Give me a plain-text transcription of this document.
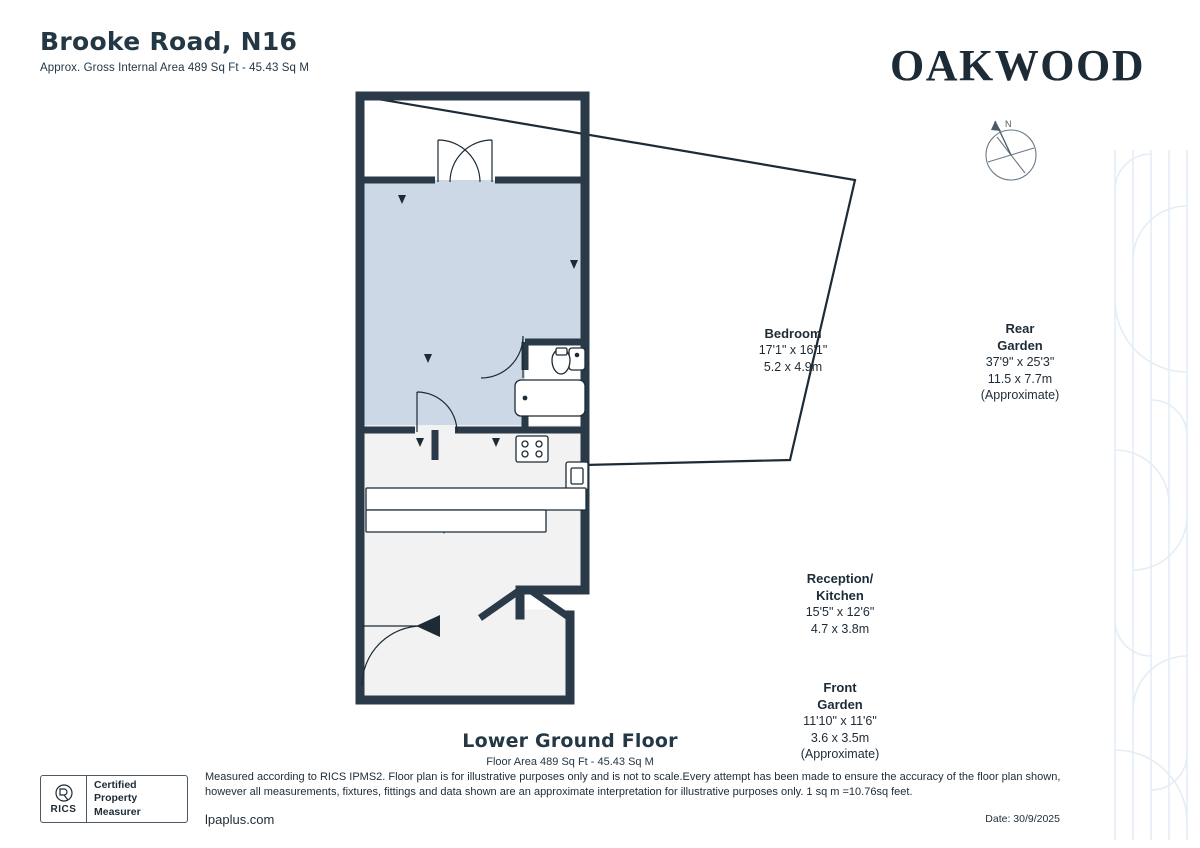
Brooke Road, N16
Approx. Gross Internal Area 489 Sq Ft - 45.43 Sq M	OAKWOOD
Bedroom
17'1" x 16'1"
5.2 x 4.9m
Reception/
Kitchen
15'5" x 12'6"
4.7 x 3.8m
Rear
Garden
37'9" x 25'3"
11.5 x 7.7m
(Approximate)
Front
Garden
11'10" x 11'6"
3.6 x 3.5m
(Approximate)
N
Lower Ground Floor
Floor Area 489 Sq Ft - 45.43 Sq M
RICS
Certified
Property
Measurer
Measured according to RICS IPMS2. Floor plan is for illustrative purposes only and is not to scale.Every attempt has been made to ensure the accuracy of the floor plan shown,
however all measurements, fixtures, fittings and data shown are an approximate interpretation for illustrative purposes only. 1 sq m =10.76sq feet.
lpaplus.com	Date: 30/9/2025
